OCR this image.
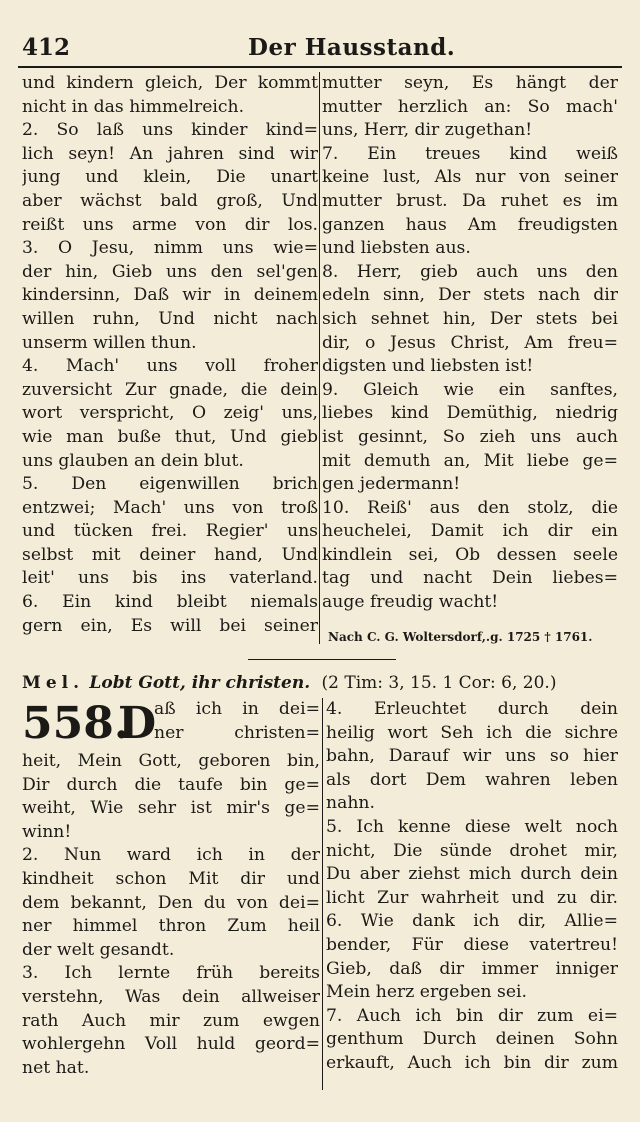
412	Der Hausstand.
und kindern gleich, Der kommt
nicht in das himmelreich.
2. So laß uns kinder kind=
lich seyn! An jahren sind wir
jung und klein, Die unart
aber wächst bald groß, Und
reißt uns arme von dir los.
3. O Jesu, nimm uns wie=
der hin, Gieb uns den sel'gen
kindersinn, Daß wir in deinem
willen ruhn, Und nicht nach
unserm willen thun.
4. Mach' uns voll froher
zuversicht Zur gnade, die dein
wort verspricht, O zeig' uns,
wie man buße thut, Und gieb
uns glauben an dein blut.
5. Den eigenwillen brich
entzwei; Mach' uns von troß
und tücken frei. Regier' uns
selbst mit deiner hand, Und
leit' uns bis ins vaterland.
6. Ein kind bleibt niemals
gern ein, Es will bei seiner
mutter seyn, Es hängt der
mutter herzlich an: So mach'
uns, Herr, dir zugethan!
7. Ein treues kind weiß
keine lust, Als nur von seiner
mutter brust. Da ruhet es im
ganzen haus Am freudigsten
und liebsten aus.
8. Herr, gieb auch uns den
edeln sinn, Der stets nach dir
sich sehnet hin, Der stets bei
dir, o Jesus Christ, Am freu=
digsten und liebsten ist!
9. Gleich wie ein sanftes,
liebes kind Demüthig, niedrig
ist gesinnt, So zieh uns auch
mit demuth an, Mit liebe ge=
gen jedermann!
10. Reiß' aus den stolz, die
heuchelei, Damit ich dir ein
kindlein sei, Ob dessen seele
tag und nacht Dein liebes=
auge freudig wacht!
Nach C. G. Woltersdorf,.g. 1725 † 1761.
Mel. Lobt Gott, ihr christen. (2 Tim: 3, 15. 1 Cor: 6, 20.)
558.
D
aß ich in dei=
ner christen=
heit, Mein Gott, geboren bin,
Dir durch die taufe bin ge=
weiht, Wie sehr ist mir's ge=
winn!
2. Nun ward ich in der
kindheit schon Mit dir und
dem bekannt, Den du von dei=
ner himmel thron Zum heil
der welt gesandt.
3. Ich lernte früh bereits
verstehn, Was dein allweiser
rath Auch mir zum ewgen
wohlergehn Voll huld geord=
net hat.
4. Erleuchtet durch dein
heilig wort Seh ich die sichre
bahn, Darauf wir uns so hier
als dort Dem wahren leben
nahn.
5. Ich kenne diese welt noch
nicht, Die sünde drohet mir,
Du aber ziehst mich durch dein
licht Zur wahrheit und zu dir.
6. Wie dank ich dir, Allie=
bender, Für diese vatertreu!
Gieb, daß dir immer inniger
Mein herz ergeben sei.
7. Auch ich bin dir zum ei=
genthum Durch deinen Sohn
erkauft, Auch ich bin dir zum
